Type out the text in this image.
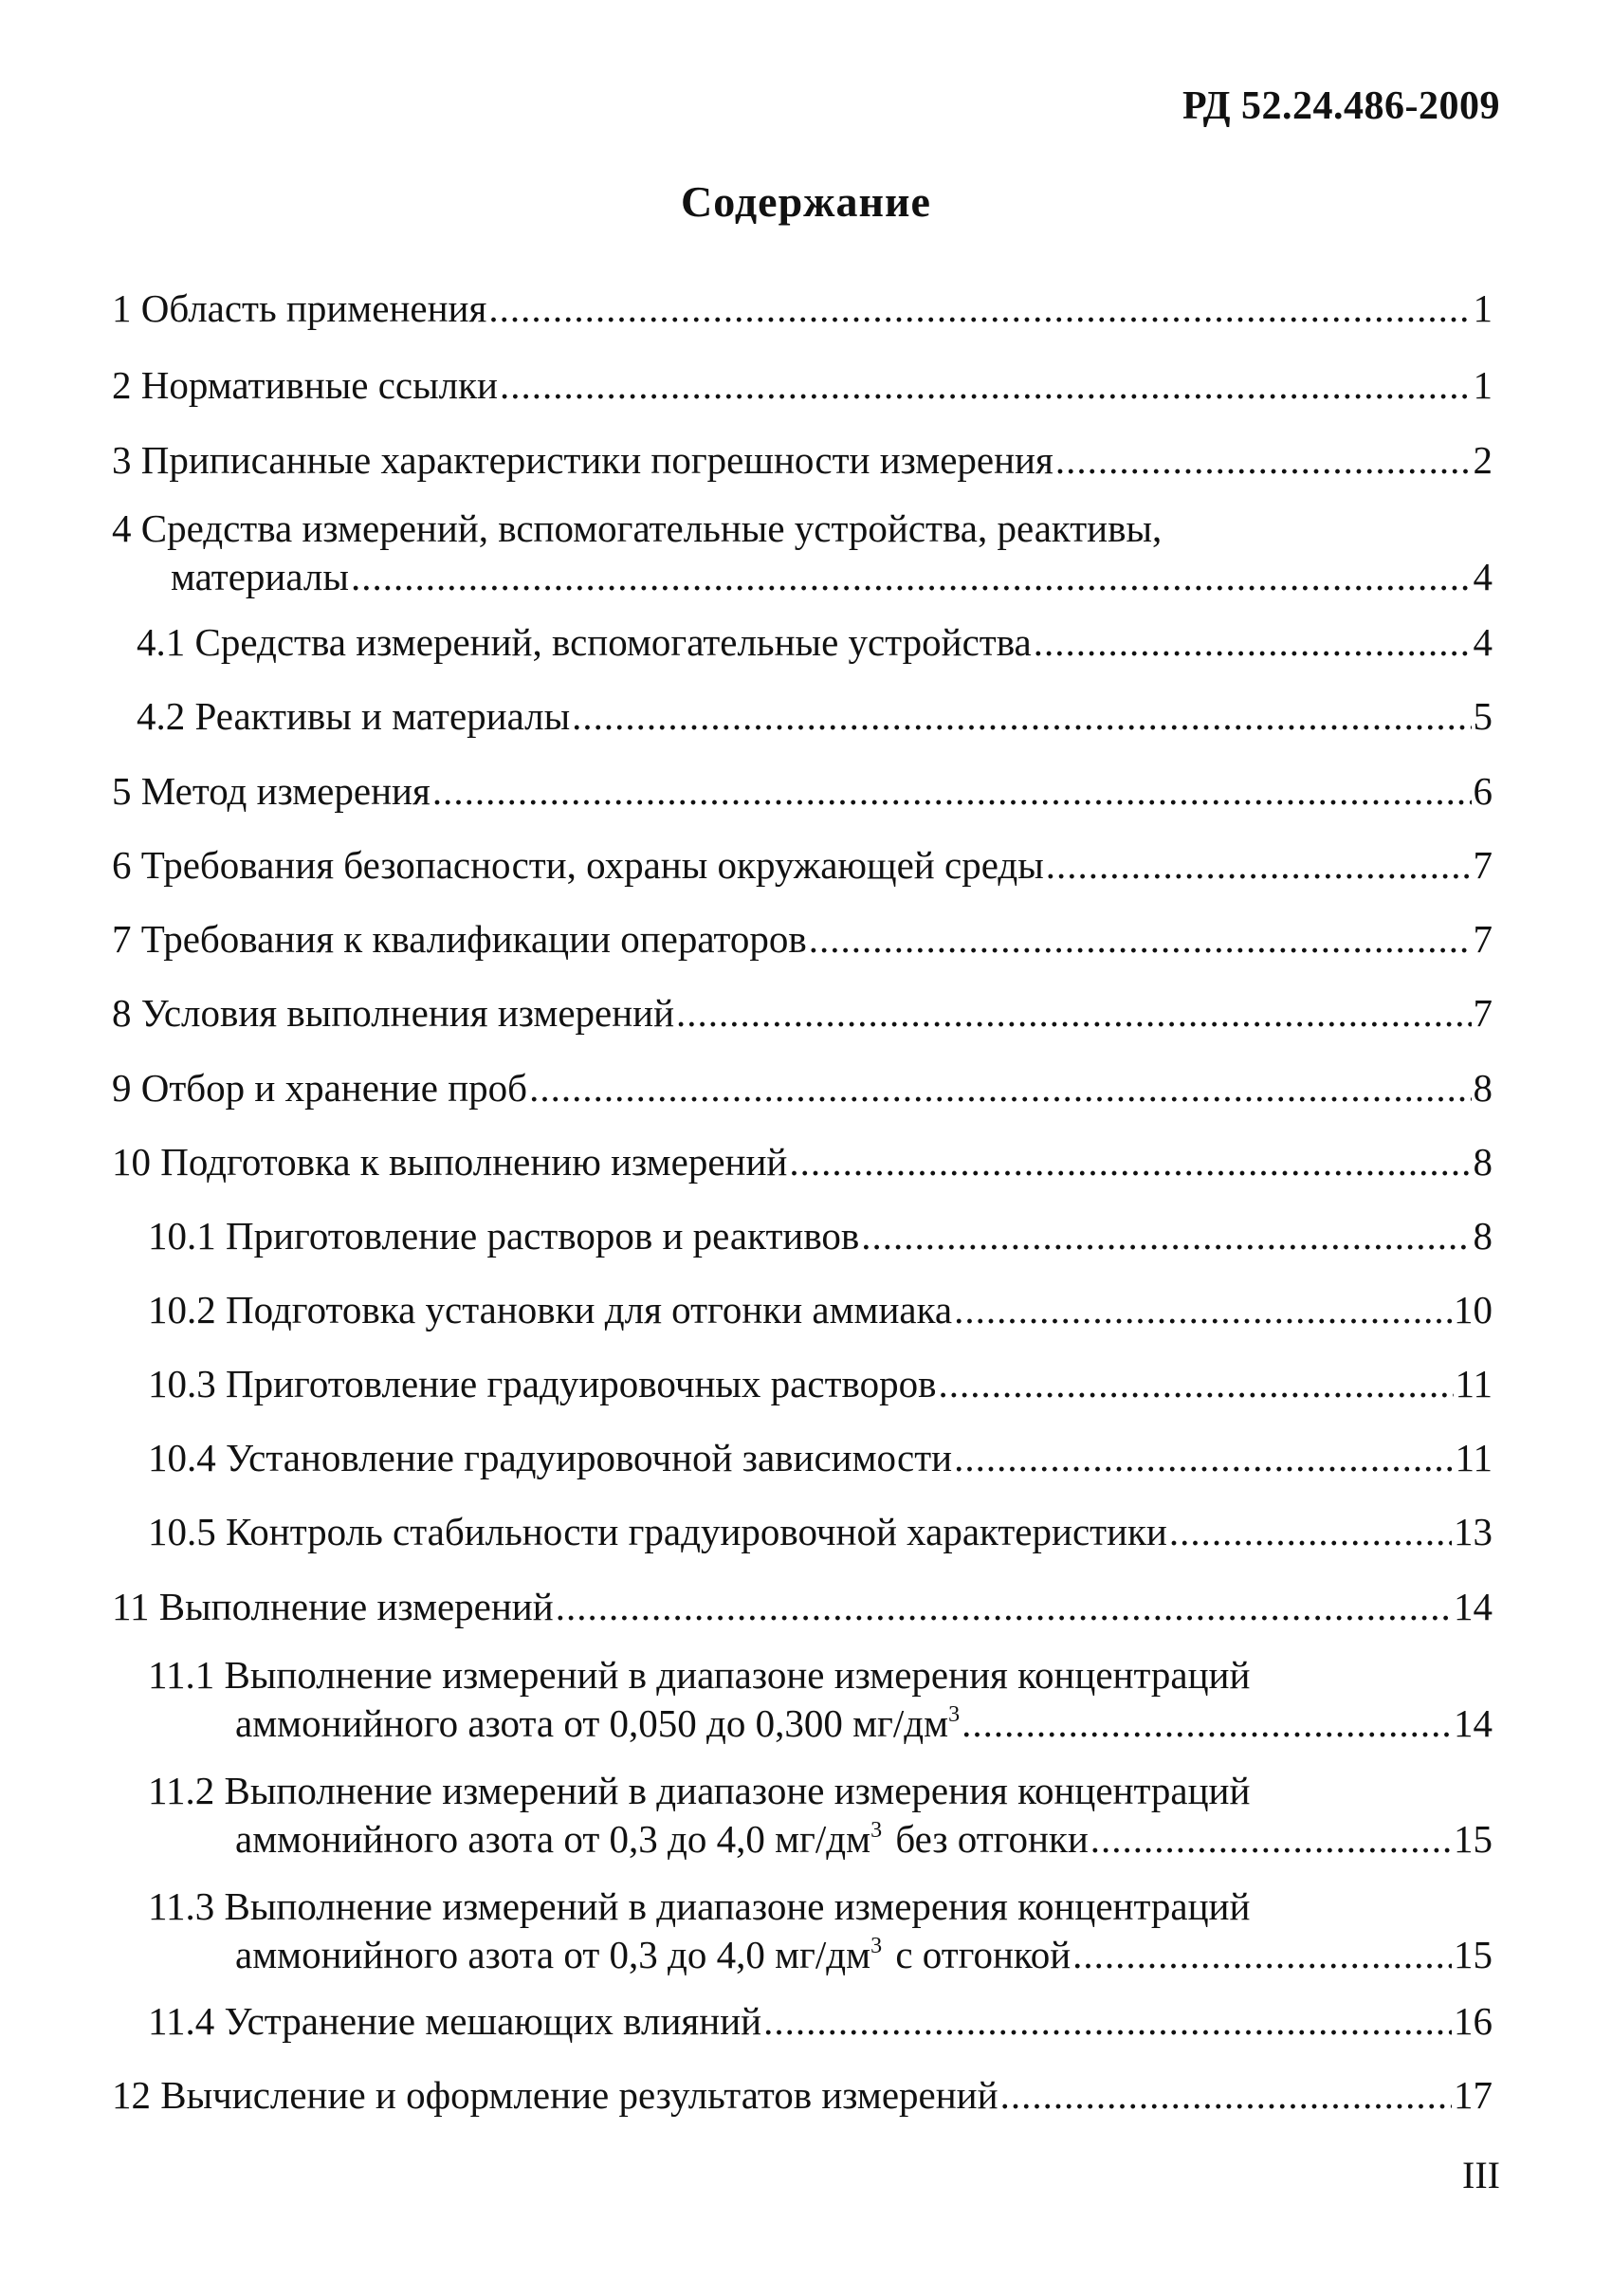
РД 52.24.486-2009
Содержание
1 Область применения .....	1
2 Нормативные ссылки .....	1
3 Приписанные характеристики погрешности измерения .....	2
4 Средства измерений, вспомогательные устройства, реактивы,
материалы .....	4
4.1 Средства измерений, вспомогательные устройства .....	4
4.2 Реактивы и материалы .....	5
5 Метод измерения .....	6
6 Требования безопасности, охраны окружающей среды .....	7
7 Требования к квалификации операторов .....	7
8 Условия выполнения измерений .....	7
9 Отбор и хранение проб .....	8
10 Подготовка к выполнению измерений .....	8
10.1 Приготовление растворов и реактивов .....	8
10.2 Подготовка установки для отгонки аммиака .....	10
10.3 Приготовление градуировочных растворов .....	11
10.4 Установление градуировочной зависимости .....	11
10.5 Контроль стабильности градуировочной характеристики .....	13
11 Выполнение измерений .....	14
11.1 Выполнение измерений в диапазоне измерения концентраций
аммонийного азота от 0,050 до 0,300 $мг/дм^3$ .....	14
11.2 Выполнение измерений в диапазоне измерения концентраций
аммонийного азота от 0,3 до 4,0 $мг/дм^3$ без отгонки .....	15
11.3 Выполнение измерений в диапазоне измерения концентраций
аммонийного азота от 0,3 до 4,0 $мг/дм^3$ с отгонкой .....	15
11.4 Устранение мешающих влияний .....	16
12 Вычисление и оформление результатов измерений .....	17
III
